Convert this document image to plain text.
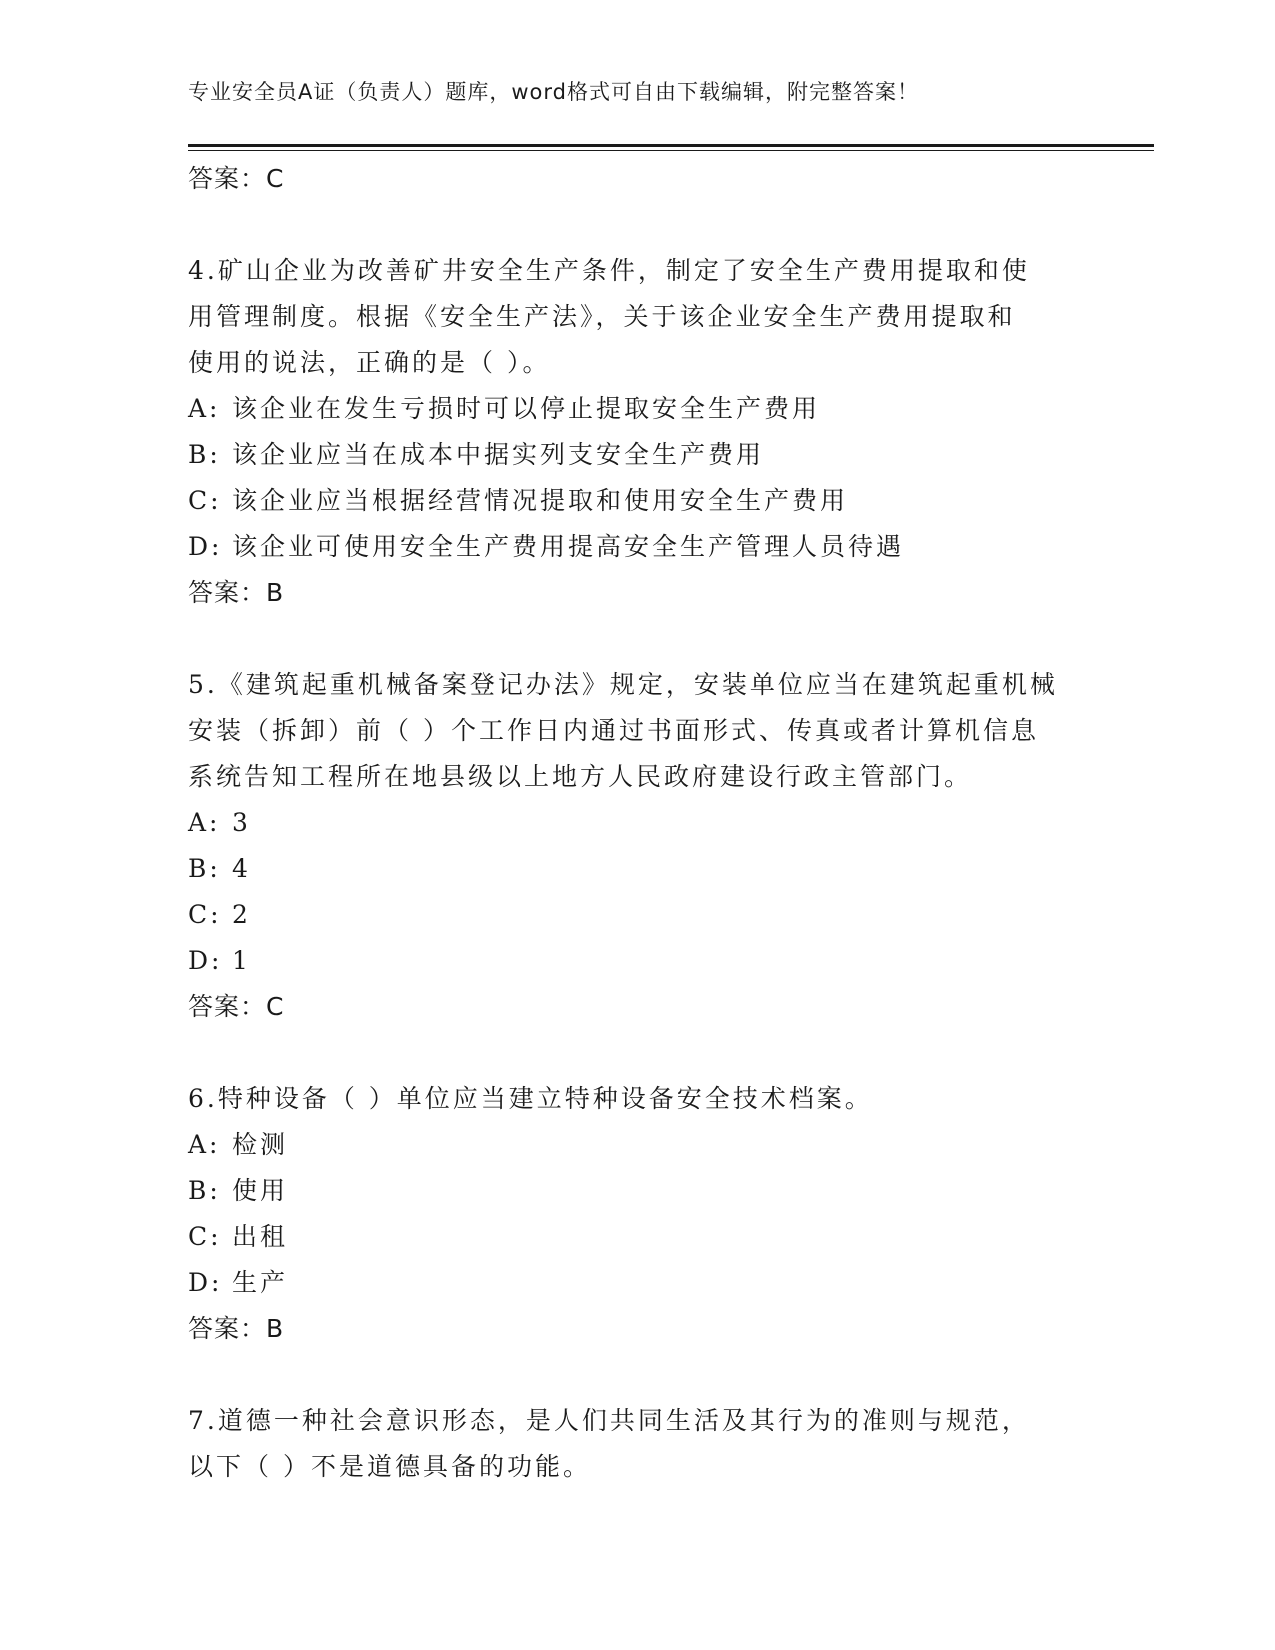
专业安全员A证（负责人）题库，word格式可自由下载编辑，附完整答案！
答案：C
4.矿山企业为改善矿井安全生产条件，制定了安全生产费用提取和使用管理制度。根据《安全生产法》，关于该企业安全生产费用提取和使用的说法，正确的是（ ）。
A: 该企业在发生亏损时可以停止提取安全生产费用
B: 该企业应当在成本中据实列支安全生产费用
C: 该企业应当根据经营情况提取和使用安全生产费用
D: 该企业可使用安全生产费用提高安全生产管理人员待遇
答案：B
5.《建筑起重机械备案登记办法》规定，安装单位应当在建筑起重机械安装（拆卸）前（ ）个工作日内通过书面形式、传真或者计算机信息系统告知工程所在地县级以上地方人民政府建设行政主管部门。
A: 3
B: 4
C: 2
D: 1
答案：C
6.特种设备（ ）单位应当建立特种设备安全技术档案。
A: 检测
B: 使用
C: 出租
D: 生产
答案：B
7.道德一种社会意识形态，是人们共同生活及其行为的准则与规范，以下（ ）不是道德具备的功能。
